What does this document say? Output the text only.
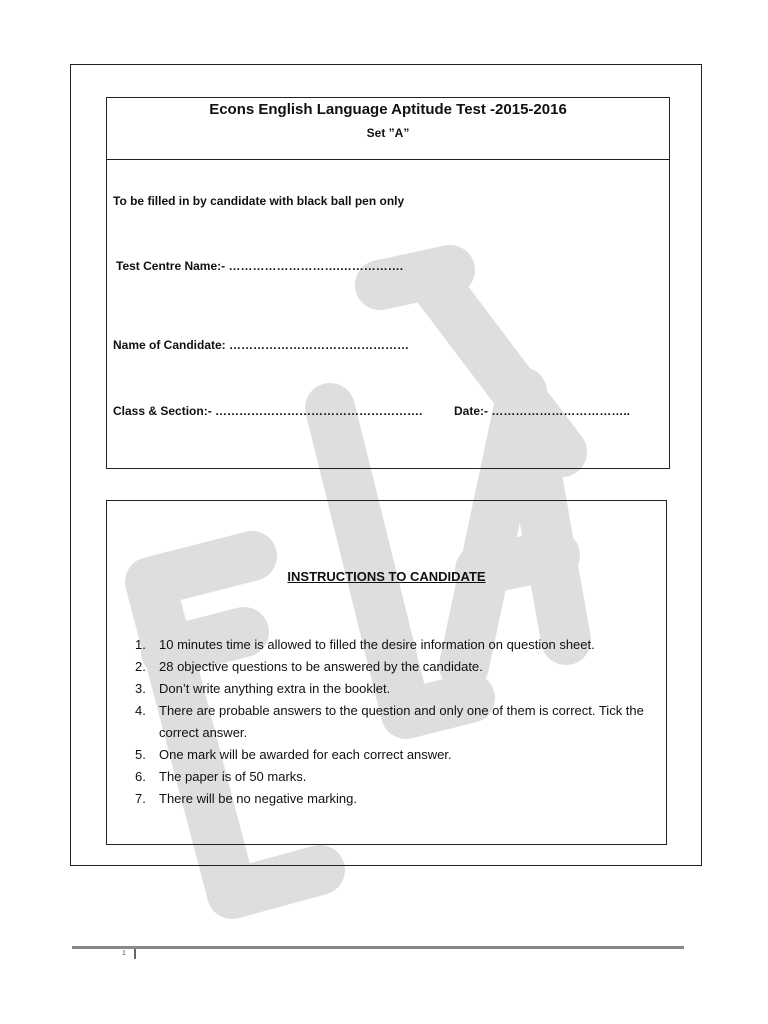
Econs English Language Aptitude Test -2015-2016
Set ”A”
To be filled in by candidate with black ball pen only
Test Centre Name:- ……………………….…………….
Name of Candidate: ………………………………………
Class & Section:- …………………………………………….	Date:- ……………………………..
INSTRUCTIONS TO CANDIDATE
1. 10 minutes time is allowed to filled the desire information on question sheet.
2. 28 objective questions to be answered by the candidate.
3. Don’t write anything extra in the booklet.
4. There are probable answers to the question and only one of them is correct. Tick the correct answer.
5. One mark will be awarded for each correct answer.
6. The paper is of 50 marks.
7. There will be no negative marking.
1
